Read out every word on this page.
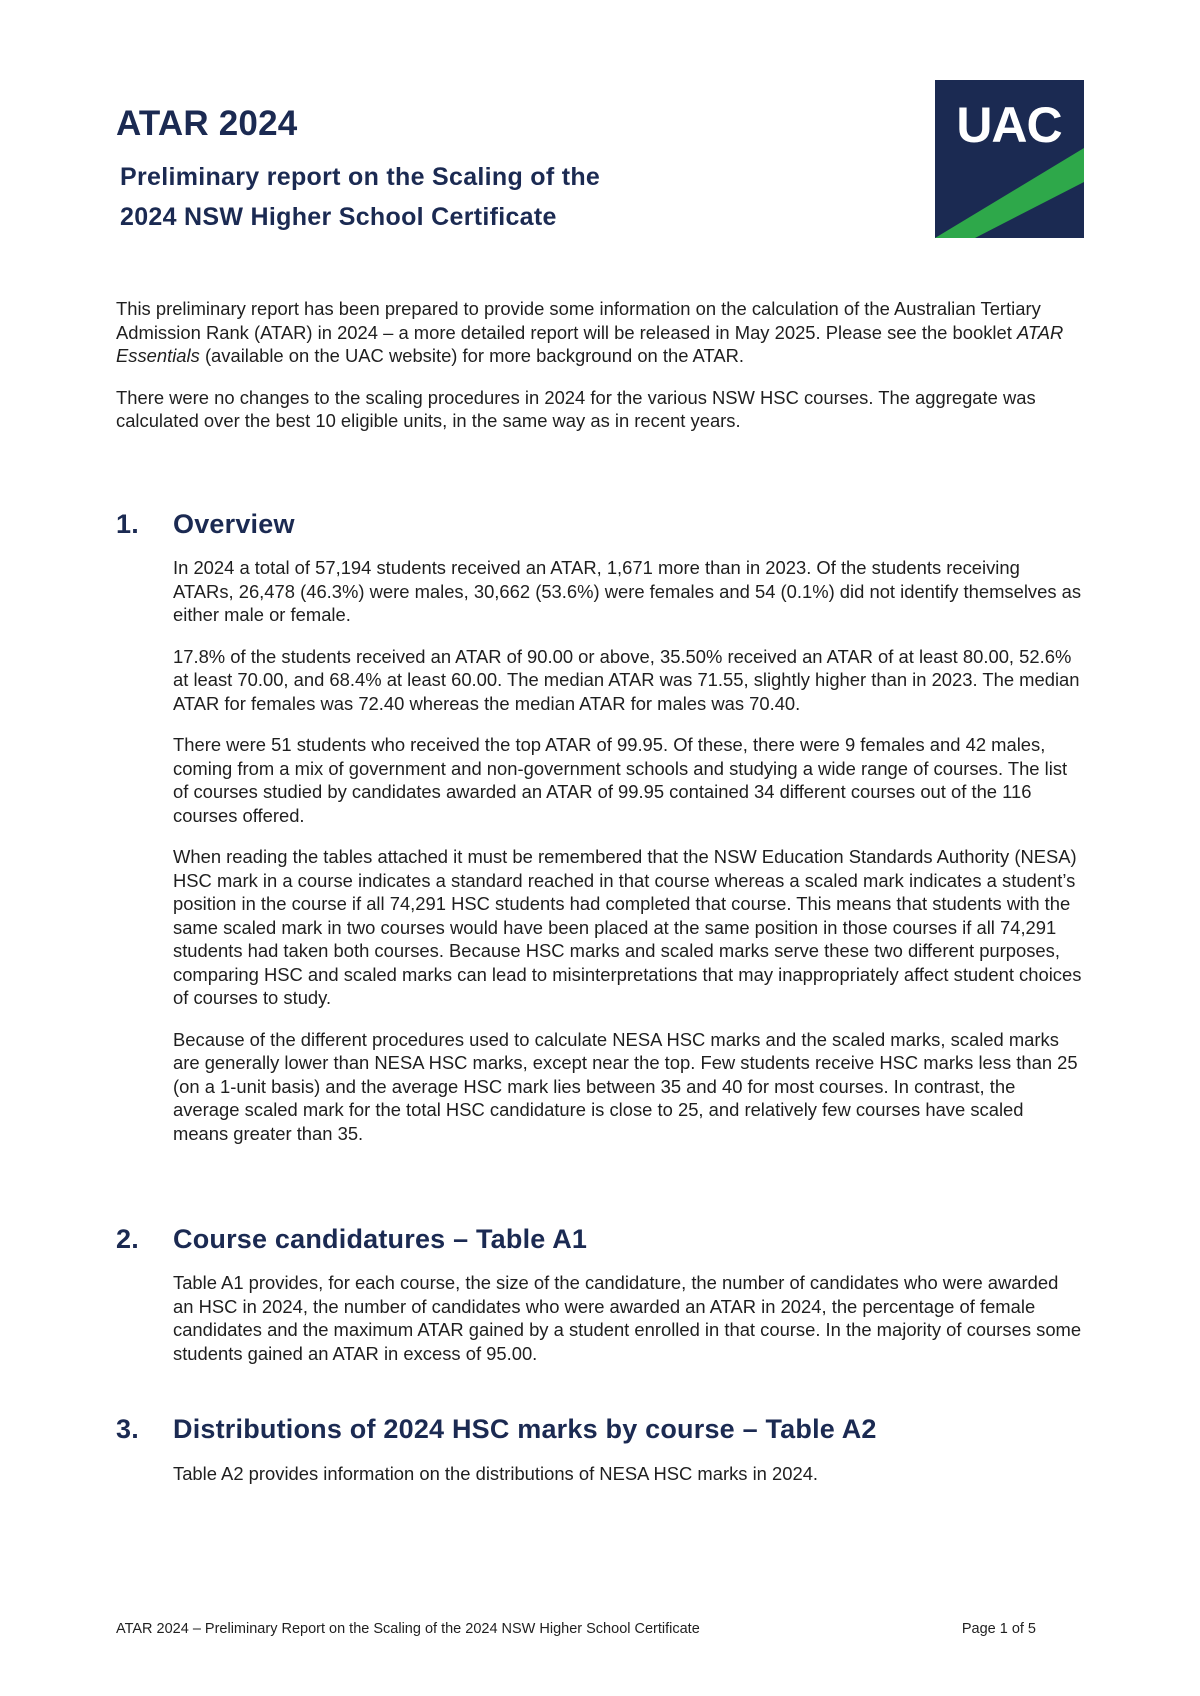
UAC
ATAR 2024
Preliminary report on the Scaling of the
2024 NSW Higher School Certificate

This preliminary report has been prepared to provide some information on the calculation of the Australian Tertiary Admission Rank (ATAR) in 2024 – a more detailed report will be released in May 2025. Please see the booklet ATAR Essentials (available on the UAC website) for more background on the ATAR.

There were no changes to the scaling procedures in 2024 for the various NSW HSC courses. The aggregate was calculated over the best 10 eligible units, in the same way as in recent years.

1. Overview

In 2024 a total of 57,194 students received an ATAR, 1,671 more than in 2023. Of the students receiving ATARs, 26,478 (46.3%) were males, 30,662 (53.6%) were females and 54 (0.1%) did not identify themselves as either male or female.

17.8% of the students received an ATAR of 90.00 or above, 35.50% received an ATAR of at least 80.00, 52.6% at least 70.00, and 68.4% at least 60.00. The median ATAR was 71.55, slightly higher than in 2023. The median ATAR for females was 72.40 whereas the median ATAR for males was 70.40.

There were 51 students who received the top ATAR of 99.95. Of these, there were 9 females and 42 males, coming from a mix of government and non-government schools and studying a wide range of courses. The list of courses studied by candidates awarded an ATAR of 99.95 contained 34 different courses out of the 116 courses offered.

When reading the tables attached it must be remembered that the NSW Education Standards Authority (NESA) HSC mark in a course indicates a standard reached in that course whereas a scaled mark indicates a student’s position in the course if all 74,291 HSC students had completed that course. This means that students with the same scaled mark in two courses would have been placed at the same position in those courses if all 74,291 students had taken both courses. Because HSC marks and scaled marks serve these two different purposes, comparing HSC and scaled marks can lead to misinterpretations that may inappropriately affect student choices of courses to study.

Because of the different procedures used to calculate NESA HSC marks and the scaled marks, scaled marks are generally lower than NESA HSC marks, except near the top. Few students receive HSC marks less than 25 (on a 1-unit basis) and the average HSC mark lies between 35 and 40 for most courses. In contrast, the average scaled mark for the total HSC candidature is close to 25, and relatively few courses have scaled means greater than 35.

2. Course candidatures – Table A1

Table A1 provides, for each course, the size of the candidature, the number of candidates who were awarded an HSC in 2024, the number of candidates who were awarded an ATAR in 2024, the percentage of female candidates and the maximum ATAR gained by a student enrolled in that course. In the majority of courses some students gained an ATAR in excess of 95.00.

3. Distributions of 2024 HSC marks by course – Table A2

Table A2 provides information on the distributions of NESA HSC marks in 2024.

ATAR 2024 – Preliminary Report on the Scaling of the 2024 NSW Higher School Certificate	Page 1 of 5
